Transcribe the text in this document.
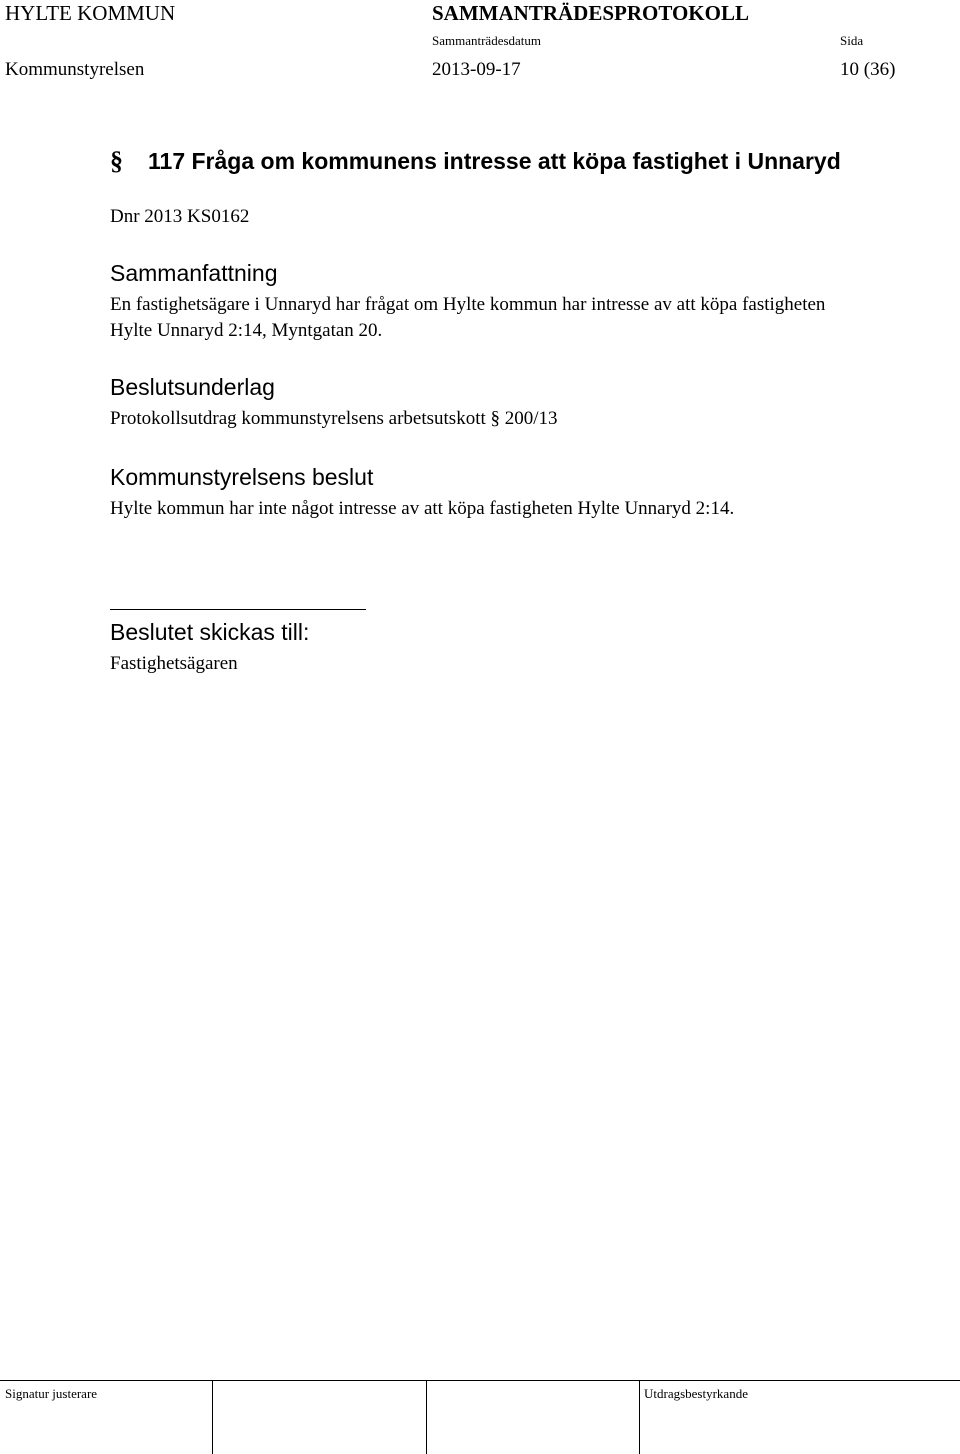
HYLTE KOMMUN	SAMMANTRÄDESPROTOKOLL
Sammanträdesdatum	Sida
Kommunstyrelsen	2013-09-17	10 (36)
§ 117 Fråga om kommunens intresse att köpa fastighet i Unnaryd
Dnr 2013 KS0162
Sammanfattning
En fastighetsägare i Unnaryd har frågat om Hylte kommun har intresse av att köpa fastigheten Hylte Unnaryd 2:14, Myntgatan 20.
Beslutsunderlag
Protokollsutdrag kommunstyrelsens arbetsutskott § 200/13
Kommunstyrelsens beslut
Hylte kommun har inte något intresse av att köpa fastigheten Hylte Unnaryd 2:14.
Beslutet skickas till:
Fastighetsägaren
Signatur justerare	Utdragsbestyrkande
